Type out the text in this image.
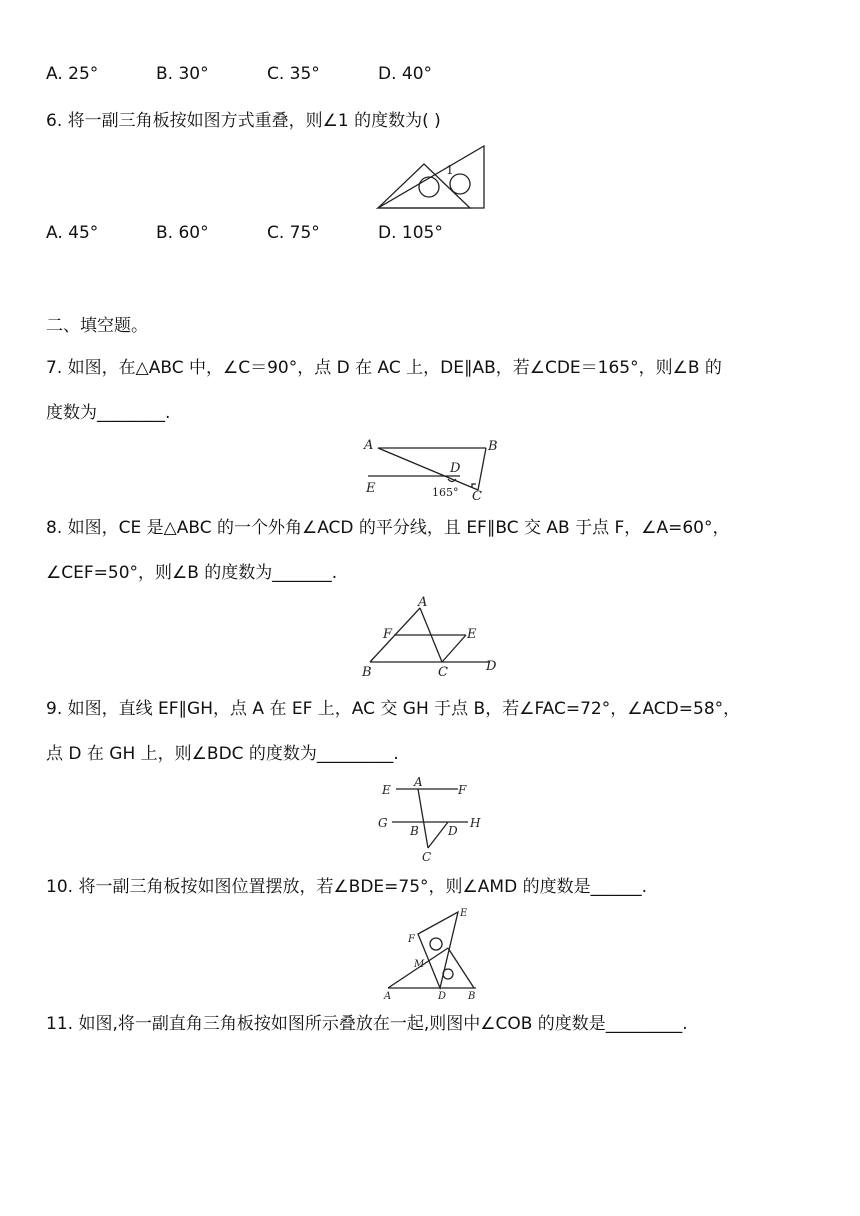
A. 25°	B. 30°	C. 35°	D. 40°
6. 将一副三角板按如图方式重叠，则∠1 的度数为( )
1
A. 45°	B. 60°	C. 75°	D. 105°
二、填空题。
7. 如图，在△ABC 中，∠C＝90°，点 D 在 AC 上，DE∥AB，若∠CDE＝165°，则∠B 的
度数为________.
A	B
D
E
C
165°
8. 如图，CE 是△ABC 的一个外角∠ACD 的平分线，且 EF∥BC 交 AB 于点 F，∠A=60°，
∠CEF=50°，则∠B 的度数为_______.
A
F	E
B	C	D
9. 如图，直线 EF∥GH，点 A 在 EF 上，AC 交 GH 于点 B，若∠FAC=72°，∠ACD=58°，
点 D 在 GH 上，则∠BDC 的度数为_________.
E
A
F
G
B D
H
C
10. 将一副三角板按如图位置摆放，若∠BDE=75°，则∠AMD 的度数是______.
E
F
M
A	D B
11. 如图,将一副直角三角板按如图所示叠放在一起,则图中∠COB 的度数是_________.
